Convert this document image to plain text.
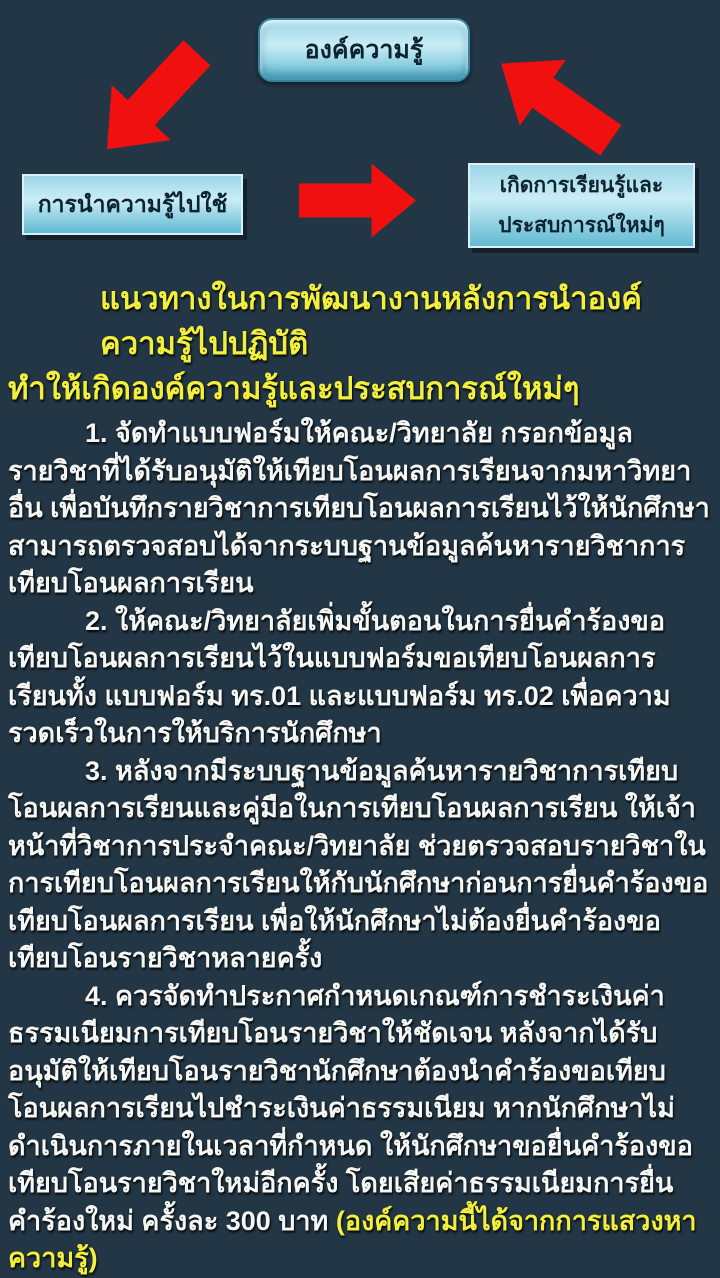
องค์ความรู้
การนำความรู้ไปใช้
เกิดการเรียนรู้และ
ประสบการณ์ใหม่ๆ
แนวทางในการพัฒนางานหลังการนำองค์ความรู้ไปปฏิบัติ
ทำให้เกิดองค์ความรู้และประสบการณ์ใหม่ๆ

1. จัดทำแบบฟอร์มให้คณะ/วิทยาลัย กรอกข้อมูลรายวิชาที่ได้รับอนุมัติให้เทียบโอนผลการเรียนจากมหาวิทยาอื่น เพื่อบันทึกรายวิชาการเทียบโอนผลการเรียนไว้ให้นักศึกษาสามารถตรวจสอบได้จากระบบฐานข้อมูลค้นหารายวิชาการเทียบโอนผลการเรียน

2. ให้คณะ/วิทยาลัยเพิ่มขั้นตอนในการยื่นคำร้องขอเทียบโอนผลการเรียนไว้ในแบบฟอร์มขอเทียบโอนผลการเรียนทั้ง แบบฟอร์ม ทร.01 และแบบฟอร์ม ทร.02 เพื่อความรวดเร็วในการให้บริการนักศึกษา

3. หลังจากมีระบบฐานข้อมูลค้นหารายวิชาการเทียบโอนผลการเรียนและคู่มือในการเทียบโอนผลการเรียน ให้เจ้าหน้าที่วิชาการประจำคณะ/วิทยาลัย ช่วยตรวจสอบรายวิชาในการเทียบโอนผลการเรียนให้กับนักศึกษาก่อนการยื่นคำร้องขอเทียบโอนผลการเรียน เพื่อให้นักศึกษาไม่ต้องยื่นคำร้องขอเทียบโอนรายวิชาหลายครั้ง

4. ควรจัดทำประกาศกำหนดเกณฑ์การชำระเงินค่าธรรมเนียมการเทียบโอนรายวิชาให้ชัดเจน หลังจากได้รับอนุมัติให้เทียบโอนรายวิชานักศึกษาต้องนำคำร้องขอเทียบโอนผลการเรียนไปชำระเงินค่าธรรมเนียม หากนักศึกษาไม่ดำเนินการภายในเวลาที่กำหนด ให้นักศึกษาขอยื่นคำร้องขอเทียบโอนรายวิชาใหม่อีกครั้ง โดยเสียค่าธรรมเนียมการยื่นคำร้องใหม่ ครั้งละ 300 บาท (องค์ความนี้ได้จากการแสวงหาความรู้)
